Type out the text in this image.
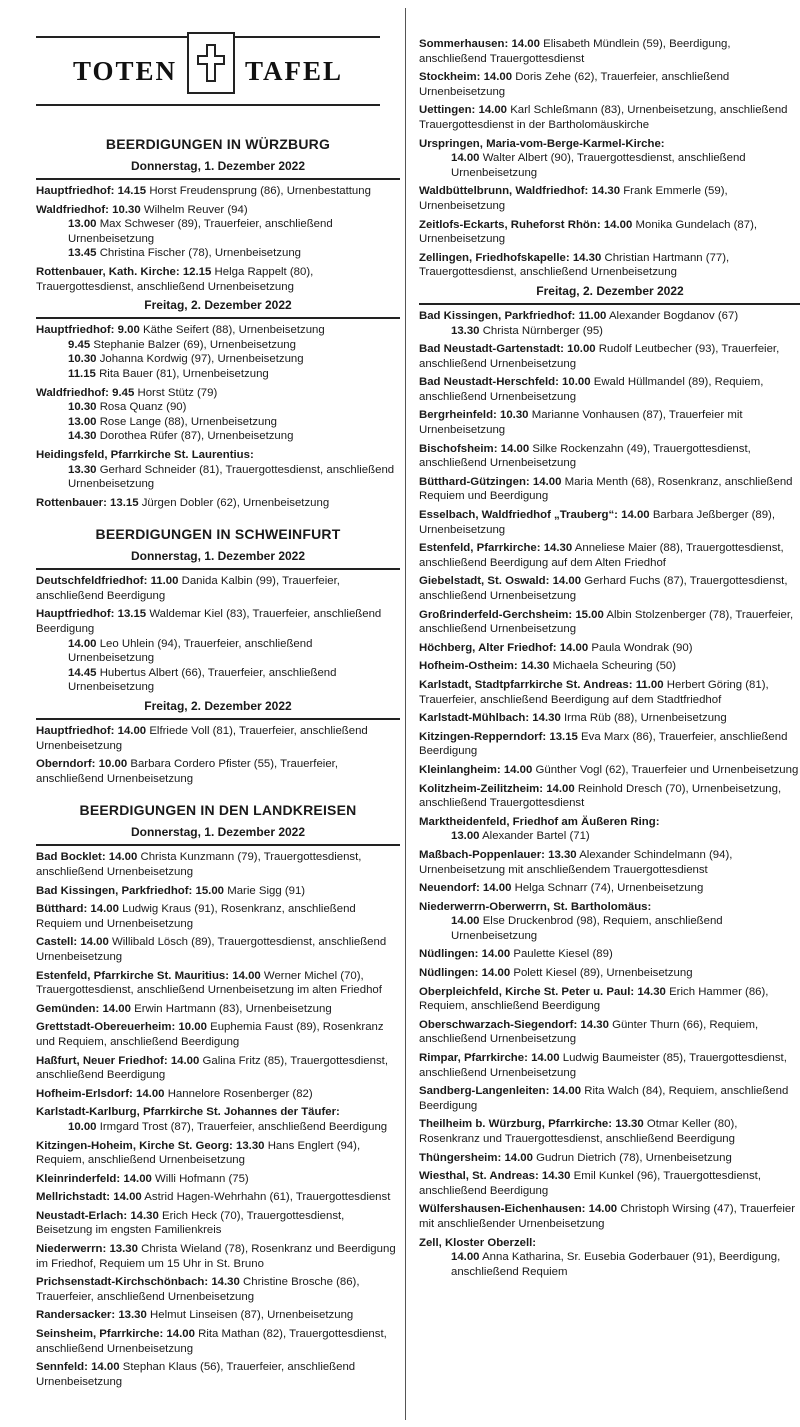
TOTEN	TAFEL
BEERDIGUNGEN IN WÜRZBURG
Donnerstag, 1. Dezember 2022
Hauptfriedhof: 14.15 Horst Freudensprung (86), Urnenbestattung
Waldfriedhof: 10.30 Wilhelm Reuver (94)
13.00 Max Schweser (89), Trauerfeier, anschließend Urnenbeisetzung
13.45 Christina Fischer (78), Urnenbeisetzung
Rottenbauer, Kath. Kirche: 12.15 Helga Rappelt (80), Trauergottesdienst, anschließend Urnenbeisetzung
Freitag, 2. Dezember 2022
Hauptfriedhof: 9.00 Käthe Seifert (88), Urnenbeisetzung
9.45 Stephanie Balzer (69), Urnenbeisetzung
10.30 Johanna Kordwig (97), Urnenbeisetzung
11.15 Rita Bauer (81), Urnenbeisetzung
Waldfriedhof: 9.45 Horst Stütz (79)
10.30 Rosa Quanz (90)
13.00 Rose Lange (88), Urnenbeisetzung
14.30 Dorothea Rüfer (87), Urnenbeisetzung
Heidingsfeld, Pfarrkirche St. Laurentius:
13.30 Gerhard Schneider (81), Trauergottesdienst, anschließend Urnenbeisetzung
Rottenbauer: 13.15 Jürgen Dobler (62), Urnenbeisetzung
BEERDIGUNGEN IN SCHWEINFURT
Donnerstag, 1. Dezember 2022
Deutschfeldfriedhof: 11.00 Danida Kalbin (99), Trauerfeier, anschließend Beerdigung
Hauptfriedhof: 13.15 Waldemar Kiel (83), Trauerfeier, anschließend Beerdigung
14.00 Leo Uhlein (94), Trauerfeier, anschließend Urnenbeisetzung
14.45 Hubertus Albert (66), Trauerfeier, anschließend Urnenbeisetzung
Freitag, 2. Dezember 2022
Hauptfriedhof: 14.00 Elfriede Voll (81), Trauerfeier, anschließend Urnenbeisetzung
Oberndorf: 10.00 Barbara Cordero Pfister (55), Trauerfeier, anschließend Urnenbeisetzung
BEERDIGUNGEN IN DEN LANDKREISEN
Donnerstag, 1. Dezember 2022
Bad Bocklet: 14.00 Christa Kunzmann (79), Trauergottesdienst, anschließend Urnenbeisetzung
Bad Kissingen, Parkfriedhof: 15.00 Marie Sigg (91)
Bütthard: 14.00 Ludwig Kraus (91), Rosenkranz, anschließend Requiem und Urnenbeisetzung
Castell: 14.00 Willibald Lösch (89), Trauergottesdienst, anschließend Urnenbeisetzung
Estenfeld, Pfarrkirche St. Mauritius: 14.00 Werner Michel (70), Trauergottesdienst, anschließend Urnenbeisetzung im alten Friedhof
Gemünden: 14.00 Erwin Hartmann (83), Urnenbeisetzung
Grettstadt-Obereuerheim: 10.00 Euphemia Faust (89), Rosenkranz und Requiem, anschließend Beerdigung
Haßfurt, Neuer Friedhof: 14.00 Galina Fritz (85), Trauergottesdienst, anschließend Beerdigung
Hofheim-Erlsdorf: 14.00 Hannelore Rosenberger (82)
Karlstadt-Karlburg, Pfarrkirche St. Johannes der Täufer:
10.00 Irmgard Trost (87), Trauerfeier, anschließend Beerdigung
Kitzingen-Hoheim, Kirche St. Georg: 13.30 Hans Englert (94), Requiem, anschließend Urnenbeisetzung
Kleinrinderfeld: 14.00 Willi Hofmann (75)
Mellrichstadt: 14.00 Astrid Hagen-Wehrhahn (61), Trauergottesdienst
Neustadt-Erlach: 14.30 Erich Heck (70), Trauergottesdienst, Beisetzung im engsten Familienkreis
Niederwerrn: 13.30 Christa Wieland (78), Rosenkranz und Beerdigung im Friedhof, Requiem um 15 Uhr in St. Bruno
Prichsenstadt-Kirchschönbach: 14.30 Christine Brosche (86), Trauerfeier, anschließend Urnenbeisetzung
Randersacker: 13.30 Helmut Linseisen (87), Urnenbeisetzung
Seinsheim, Pfarrkirche: 14.00 Rita Mathan (82), Trauergottesdienst, anschließend Urnenbeisetzung
Sennfeld: 14.00 Stephan Klaus (56), Trauerfeier, anschließend Urnenbeisetzung
Sommerhausen: 14.00 Elisabeth Mündlein (59), Beerdigung, anschließend Trauergottesdienst
Stockheim: 14.00 Doris Zehe (62), Trauerfeier, anschließend Urnenbeisetzung
Uettingen: 14.00 Karl Schleßmann (83), Urnenbeisetzung, anschließend Trauergottesdienst in der Bartholomäuskirche
Urspringen, Maria-vom-Berge-Karmel-Kirche:
14.00 Walter Albert (90), Trauergottesdienst, anschließend Urnenbeisetzung
Waldbüttelbrunn, Waldfriedhof: 14.30 Frank Emmerle (59), Urnenbeisetzung
Zeitlofs-Eckarts, Ruheforst Rhön: 14.00 Monika Gundelach (87), Urnenbeisetzung
Zellingen, Friedhofskapelle: 14.30 Christian Hartmann (77), Trauergottesdienst, anschließend Urnenbeisetzung
Freitag, 2. Dezember 2022
Bad Kissingen, Parkfriedhof: 11.00 Alexander Bogdanov (67)
13.30 Christa Nürnberger (95)
Bad Neustadt-Gartenstadt: 10.00 Rudolf Leutbecher (93), Trauerfeier, anschließend Urnenbeisetzung
Bad Neustadt-Herschfeld: 10.00 Ewald Hüllmandel (89), Requiem, anschließend Urnenbeisetzung
Bergrheinfeld: 10.30 Marianne Vonhausen (87), Trauerfeier mit Urnenbeisetzung
Bischofsheim: 14.00 Silke Rockenzahn (49), Trauergottesdienst, anschließend Urnenbeisetzung
Bütthard-Gützingen: 14.00 Maria Menth (68), Rosenkranz, anschließend Requiem und Beerdigung
Esselbach, Waldfriedhof „Trauberg“: 14.00 Barbara Jeßberger (89), Urnenbeisetzung
Estenfeld, Pfarrkirche: 14.30 Anneliese Maier (88), Trauergottesdienst, anschließend Beerdigung auf dem Alten Friedhof
Giebelstadt, St. Oswald: 14.00 Gerhard Fuchs (87), Trauergottesdienst, anschließend Urnenbeisetzung
Großrinderfeld-Gerchsheim: 15.00 Albin Stolzenberger (78), Trauerfeier, anschließend Urnenbeisetzung
Höchberg, Alter Friedhof: 14.00 Paula Wondrak (90)
Hofheim-Ostheim: 14.30 Michaela Scheuring (50)
Karlstadt, Stadtpfarrkirche St. Andreas: 11.00 Herbert Göring (81), Trauerfeier, anschließend Beerdigung auf dem Stadtfriedhof
Karlstadt-Mühlbach: 14.30 Irma Rüb (88), Urnenbeisetzung
Kitzingen-Repperndorf: 13.15 Eva Marx (86), Trauerfeier, anschließend Beerdigung
Kleinlangheim: 14.00 Günther Vogl (62), Trauerfeier und Urnenbeisetzung
Kolitzheim-Zeilitzheim: 14.00 Reinhold Dresch (70), Urnenbeisetzung, anschließend Trauergottesdienst
Marktheidenfeld, Friedhof am Äußeren Ring:
13.00 Alexander Bartel (71)
Maßbach-Poppenlauer: 13.30 Alexander Schindelmann (94), Urnenbeisetzung mit anschließendem Trauergottesdienst
Neuendorf: 14.00 Helga Schnarr (74), Urnenbeisetzung
Niederwerrn-Oberwerrn, St. Bartholomäus:
14.00 Else Druckenbrod (98), Requiem, anschließend Urnenbeisetzung
Nüdlingen: 14.00 Paulette Kiesel (89)
Nüdlingen: 14.00 Polett Kiesel (89), Urnenbeisetzung
Oberpleichfeld, Kirche St. Peter u. Paul: 14.30 Erich Hammer (86), Requiem, anschließend Beerdigung
Oberschwarzach-Siegendorf: 14.30 Günter Thurn (66), Requiem, anschließend Urnenbeisetzung
Rimpar, Pfarrkirche: 14.00 Ludwig Baumeister (85), Trauergottesdienst, anschließend Urnenbeisetzung
Sandberg-Langenleiten: 14.00 Rita Walch (84), Requiem, anschließend Beerdigung
Theilheim b. Würzburg, Pfarrkirche: 13.30 Otmar Keller (80), Rosenkranz und Trauergottesdienst, anschließend Beerdigung
Thüngersheim: 14.00 Gudrun Dietrich (78), Urnenbeisetzung
Wiesthal, St. Andreas: 14.30 Emil Kunkel (96), Trauergottesdienst, anschließend Beerdigung
Wülfershausen-Eichenhausen: 14.00 Christoph Wirsing (47), Trauerfeier mit anschließender Urnenbeisetzung
Zell, Kloster Oberzell:
14.00 Anna Katharina, Sr. Eusebia Goderbauer (91), Beerdigung, anschließend Requiem
